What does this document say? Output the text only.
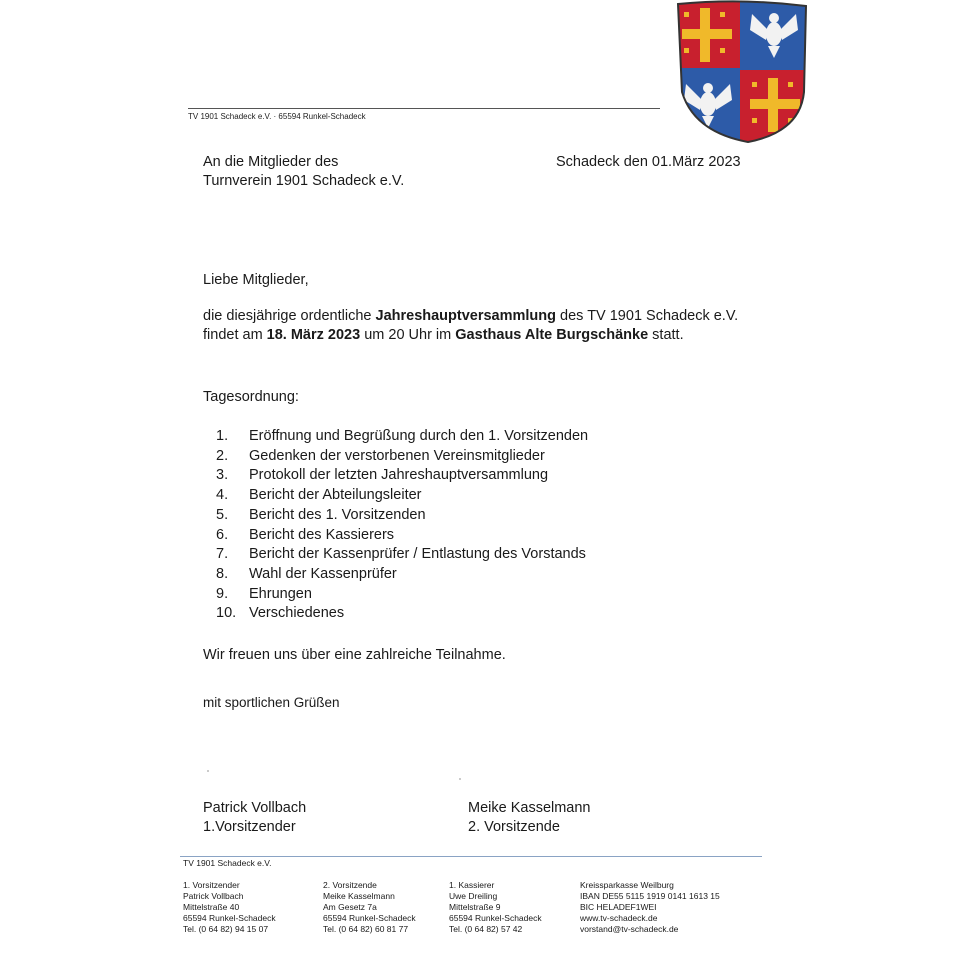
TV 1901 Schadeck e.V. · 65594 Runkel-Schadeck
An die Mitglieder des
Turnverein 1901 Schadeck e.V.
Schadeck den 01.März 2023
Liebe Mitglieder,
die diesjährige ordentliche Jahreshauptversammlung des TV 1901 Schadeck e.V.
findet am 18. März 2023 um 20 Uhr im Gasthaus Alte Burgschänke statt.
Tagesordnung:
1.	Eröffnung und Begrüßung durch den 1. Vorsitzenden
2.	Gedenken der verstorbenen Vereinsmitglieder
3.	Protokoll der letzten Jahreshauptversammlung
4.	Bericht der Abteilungsleiter
5.	Bericht des 1. Vorsitzenden
6.	Bericht des Kassierers
7.	Bericht der Kassenprüfer / Entlastung des Vorstands
8.	Wahl der Kassenprüfer
9.	Ehrungen
10. Verschiedenes
Wir freuen uns über eine zahlreiche Teilnahme.
mit sportlichen Grüßen
Patrick Vollbach
1.Vorsitzender
Meike Kasselmann
2. Vorsitzende
TV 1901 Schadeck e.V.
1. Vorsitzender
Patrick Vollbach
Mittelstraße 40
65594 Runkel-Schadeck
Tel. (0 64 82) 94 15 07
2. Vorsitzende
Meike Kasselmann
Am Gesetz 7a
65594 Runkel-Schadeck
Tel. (0 64 82) 60 81 77
1. Kassierer
Uwe Dreiling
Mittelstraße 9
65594 Runkel-Schadeck
Tel. (0 64 82) 57 42
Kreissparkasse Weilburg
IBAN DE55 5115 1919 0141 1613 15
BIC HELADEF1WEI
www.tv-schadeck.de
vorstand@tv-schadeck.de
